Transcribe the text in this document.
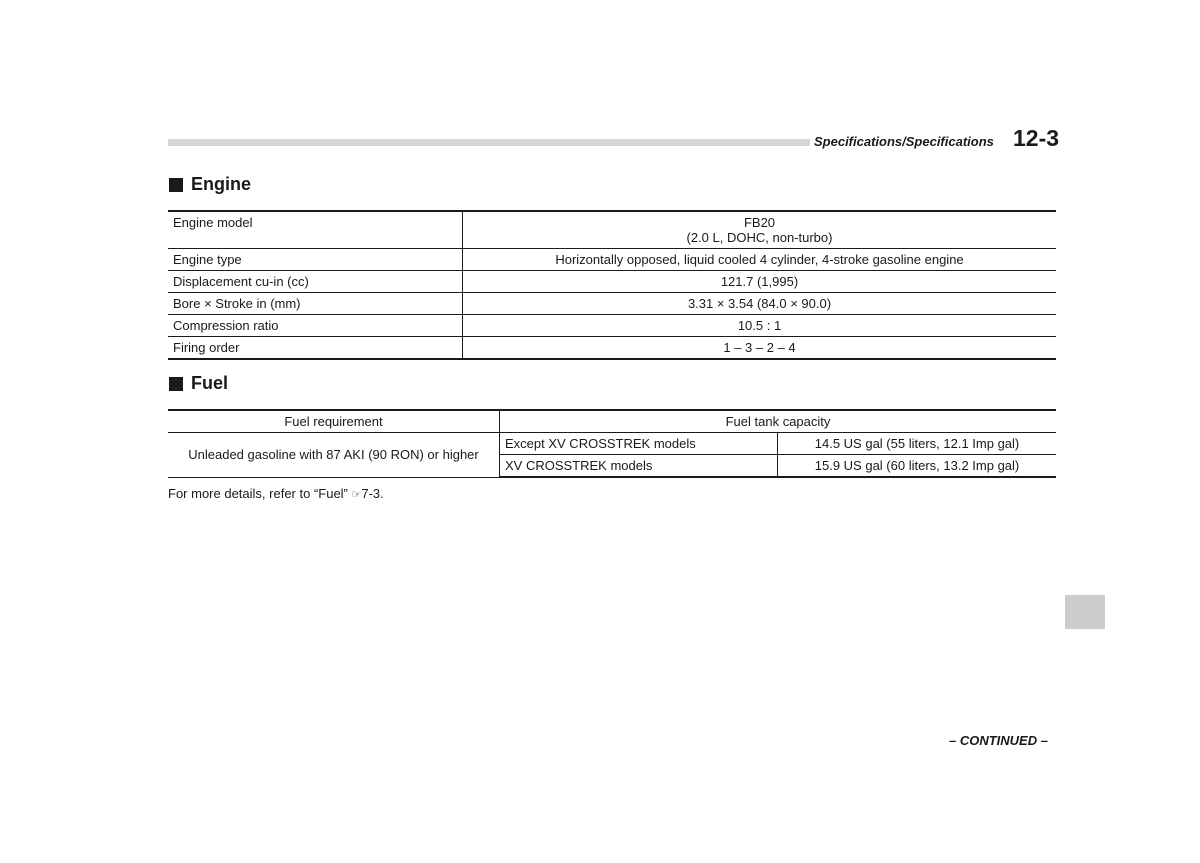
Specifications/Specifications 12-3
Engine
Engine model	FB20
(2.0 L, DOHC, non-turbo)

Engine type	Horizontally opposed, liquid cooled 4 cylinder, 4-stroke gasoline engine
Displacement cu-in (cc)	121.7 (1,995)
Bore × Stroke in (mm)	3.31 × 3.54 (84.0 × 90.0)
Compression ratio	10.5 : 1
Firing order	1 – 3 – 2 – 4
Fuel
Fuel requirement	Fuel tank capacity	
Unleaded gasoline with 87 AKI (90 RON) or higher	Except XV CROSSTREK models	14.5 US gal (55 liters, 12.1 Imp gal)
	XV CROSSTREK models	15.9 US gal (60 liters, 13.2 Imp gal)
For more details, refer to “Fuel” ☞7-3.
– CONTINUED –
